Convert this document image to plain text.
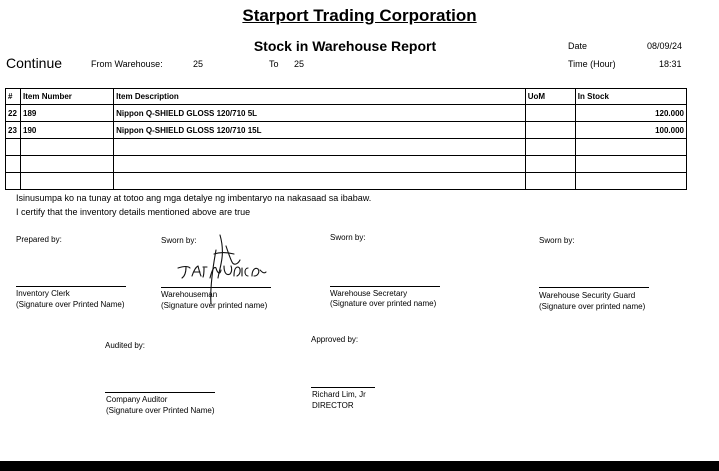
Starport Trading Corporation
Stock in Warehouse Report	Date	08/09/24
Time (Hour)	18:31
Continue	From Warehouse:	25	To 25
#	Item Number	Item Description	UoM	In Stock
22	189	Nippon Q-SHIELD GLOSS 120/710 5L		120.000
23	190	Nippon Q-SHIELD GLOSS 120/710 15L		100.000

Isinusumpa ko na tunay at totoo ang mga detalye ng imbentaryo na nakasaad sa ibabaw.
I certify that the inventory details mentioned above are true
Prepared by:
Inventory Clerk
(Signature over Printed Name)
Sworn by:
Warehouseman
(Signature over printed name)
Sworn by:
Warehouse Secretary
(Signature over printed name)
Sworn by:
Warehouse Security Guard
(Signature over printed name)
Audited by:
Company Auditor
(Signature over Printed Name)
Approved by:
Richard Lim, Jr
DIRECTOR
